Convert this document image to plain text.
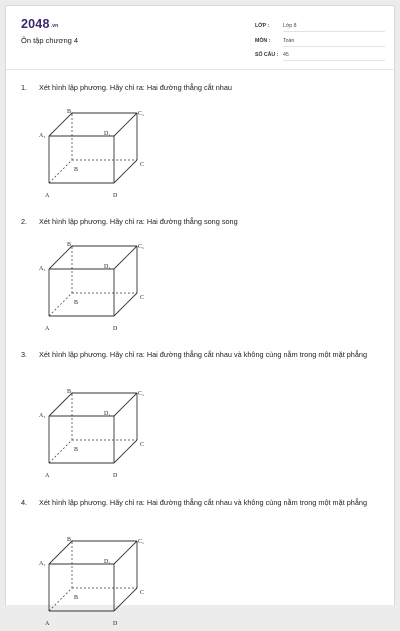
2048.vn
Ôn tập chương 4
LỚP :	Lớp 8
MÔN : Toán
SỐ CÂU : 45
1. Xét hình lập phương. Hãy chỉ ra: Hai đường thẳng cắt nhau
B₁	C₁
A₁	D₁
B
C
A	D
2. Xét hình lập phương. Hãy chỉ ra: Hai đường thẳng song song
B₁	C₁
A₁	D₁
B
C
A	D
3. Xét hình lập phương. Hãy chỉ ra: Hai đường thẳng cắt nhau và không cùng nằm trong một mặt phẳng
B₁	C₁
A₁	D₁
B
C
A	D
4. Xét hình lập phương. Hãy chỉ ra: Hai đường thẳng cắt nhau và không cùng nằm trong một mặt phẳng
B₁	C₁
A₁	D₁
B
C
A	D
